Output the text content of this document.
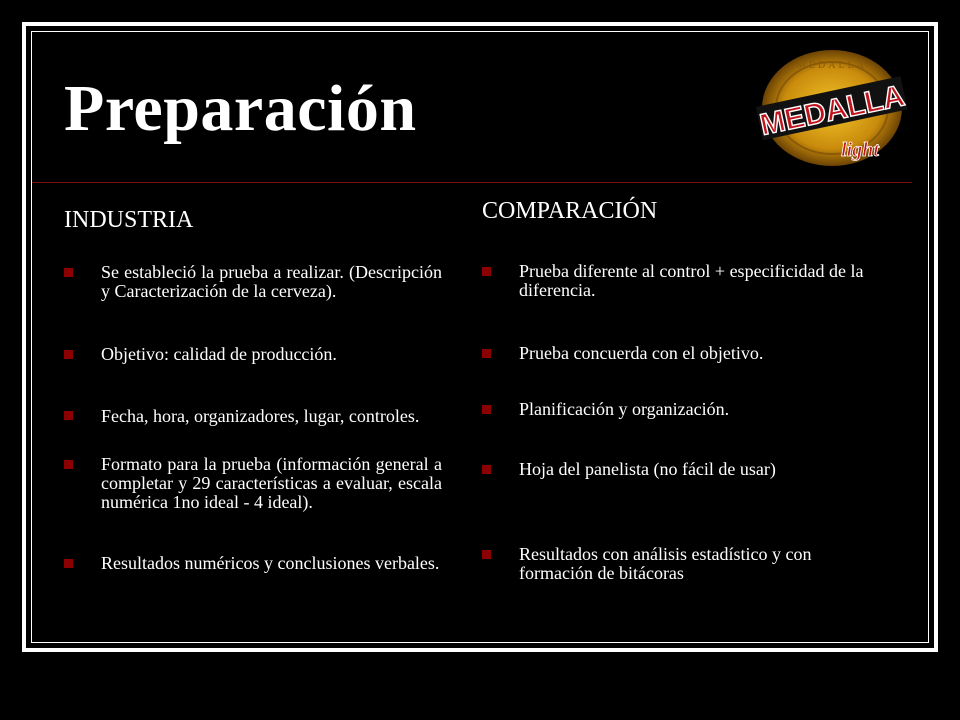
Preparación
MEDALLA
MEDALLA
light
INDUSTRIA
Se estableció la prueba a realizar. (Descripción y Caracterización de la cerveza).
Objetivo: calidad de producción.
Fecha, hora, organizadores, lugar, controles.
Formato para la prueba (información general a completar y 29 características a evaluar, escala numérica 1no ideal - 4 ideal).
Resultados numéricos y conclusiones verbales.
COMPARACIÓN
Prueba diferente al control + especificidad de la diferencia.
Prueba concuerda con el objetivo.
Planificación y organización.
Hoja del panelista (no fácil de usar)
Resultados con análisis estadístico y con formación de bitácoras
